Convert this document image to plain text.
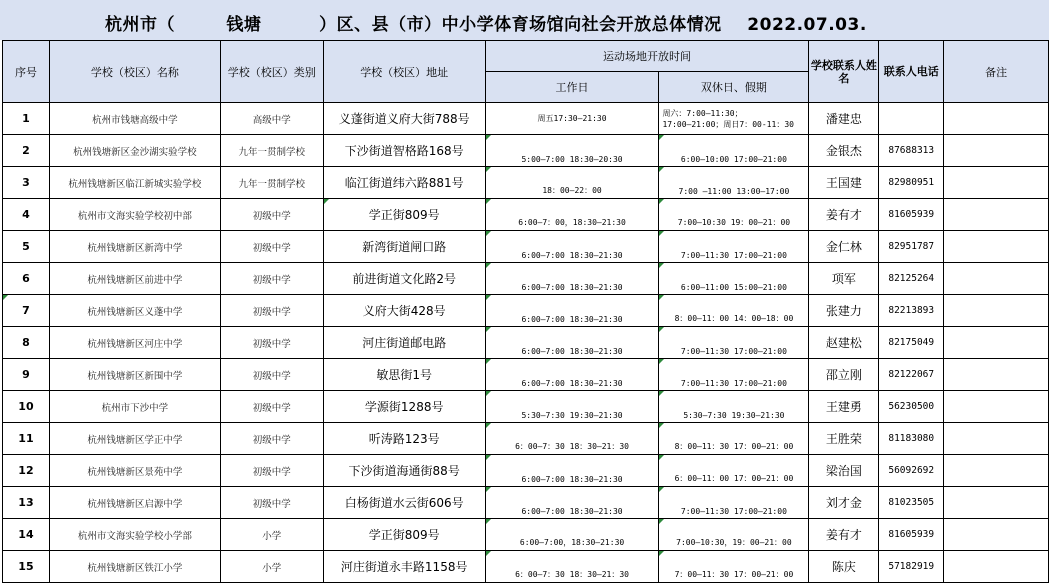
杭州市（        钱塘         ）区、县（市）中小学体育场馆向社会开放总体情况    2022.07.03.
序号	学校（校区）名称	学校（校区）类别	学校（校区）地址	运动场地开放时间		学校联系人姓名	联系人电话	备注
				工作日	双休日、假期			
1	杭州市钱塘高级中学	高级中学	义蓬街道义府大街788号	周五17:30—21:30	周六：7:00—11:30；
17:00—21:00；周日7：00-11：30	潘建忠		
2	杭州钱塘新区金沙湖实验学校	九年一贯制学校	下沙街道智格路168号	5:00—7:00 18:30—20:30	6:00—10:00 17:00—21:00	金银杰	87688313	
3	杭州钱塘新区临江新城实验学校	九年一贯制学校	临江街道纬六路881号	18：00—22：00	7:00 —11:00 13:00—17:00	王国建	82980951	
4	杭州市文海实验学校初中部	初级中学	学正街809号	6:00—7：00，18:30—21:30	7:00—10:30 19：00—21：00	姜有才	81605939	
5	杭州钱塘新区新湾中学	初级中学	新湾街道闸口路	6:00—7:00 18:30—21:30	7:00—11:30 17:00—21:00	金仁林	82951787	
6	杭州钱塘新区前进中学	初级中学	前进街道文化路2号	6:00—7:00 18:30—21:30	6:00—11:00 15:00—21:00	项军	82125264	
7	杭州钱塘新区义蓬中学	初级中学	义府大街428号	6:00—7:00 18:30—21:30	8：00—11：00 14：00—18：00	张建力	82213893	
8	杭州钱塘新区河庄中学	初级中学	河庄街道邮电路	6:00—7:00 18:30—21:30	7:00—11:30 17:00—21:00	赵建松	82175049	
9	杭州钱塘新区新围中学	初级中学	敏思街1号	6:00—7:00 18:30—21:30	7:00—11:30 17:00—21:00	邵立刚	82122067	
10	杭州市下沙中学	初级中学	学源街1288号	5:30—7:30 19:30—21:30	5:30—7:30 19:30—21:30	王建勇	56230500	
11	杭州钱塘新区学正中学	初级中学	听涛路123号	6：00—7：30 18：30—21：30	8：00—11：30 17：00—21：00	王胜荣	81183080	
12	杭州钱塘新区景苑中学	初级中学	下沙街道海通街88号	6:00—7:00 18:30—21:30	6：00—11：00 17：00—21：00	梁治国	56092692	
13	杭州钱塘新区启源中学	初级中学	白杨街道水云街606号	6:00—7:00 18:30—21:30	7:00—11:30 17:00—21:00	刘才金	81023505	
14	杭州市文海实验学校小学部	小学	学正街809号	6:00—7:00，18:30—21:30	7:00—10:30，19：00—21：00	姜有才	81605939	
15	杭州钱塘新区铁江小学	小学	河庄街道永丰路1158号	6：00—7：30 18：30—21：30	7：00—11：30 17：00—21：00	陈庆	57182919	
